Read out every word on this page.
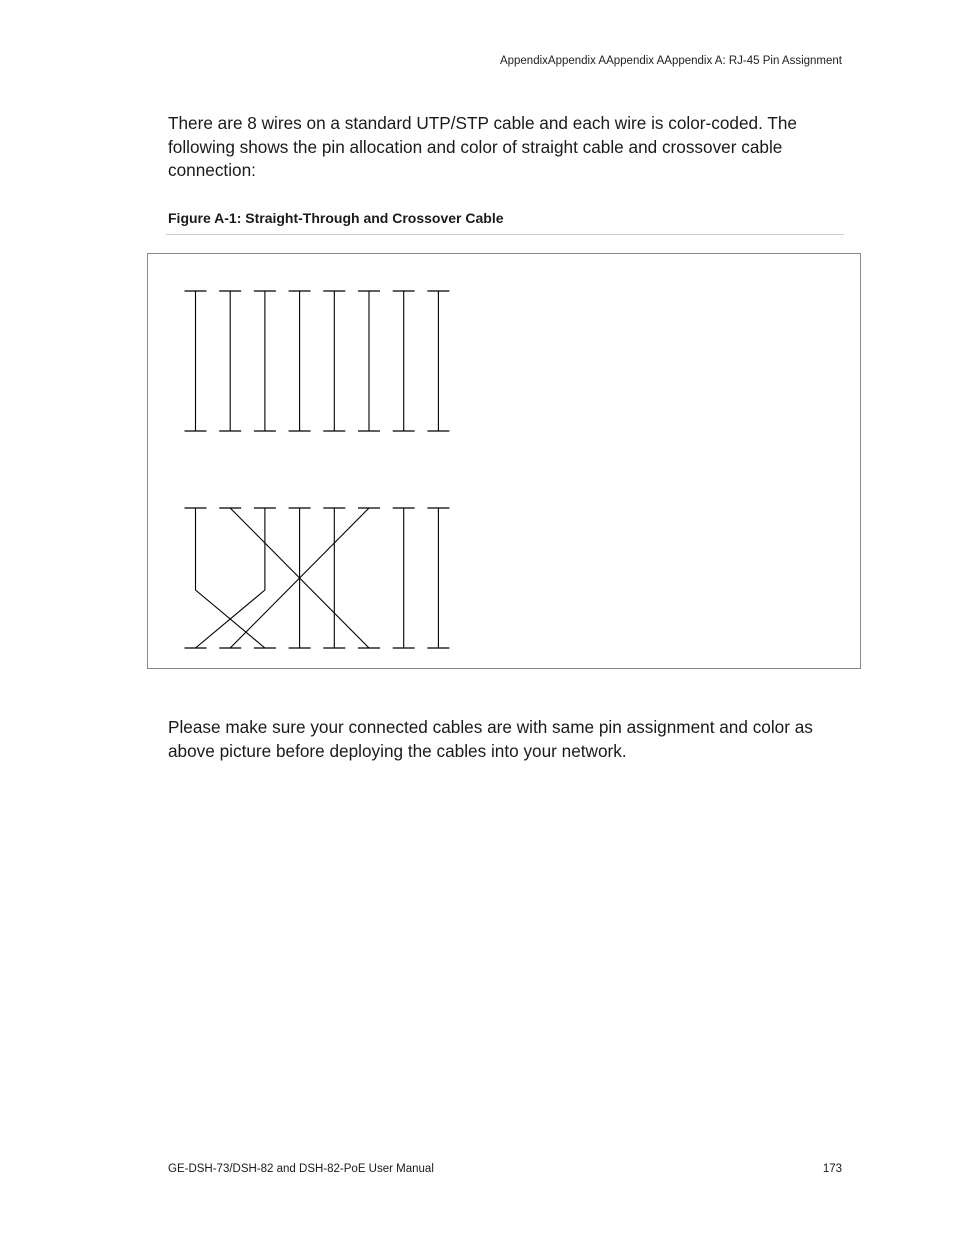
AppendixAppendix AAppendix AAppendix A: RJ-45 Pin Assignment

There are 8 wires on a standard UTP/STP cable and each wire is color-coded. The following shows the pin allocation and color of straight cable and crossover cable connection:

Figure A-1: Straight-Through and Crossover Cable

Please make sure your connected cables are with same pin assignment and color as above picture before deploying the cables into your network.

GE-DSH-73/DSH-82 and DSH-82-PoE User Manual	173
